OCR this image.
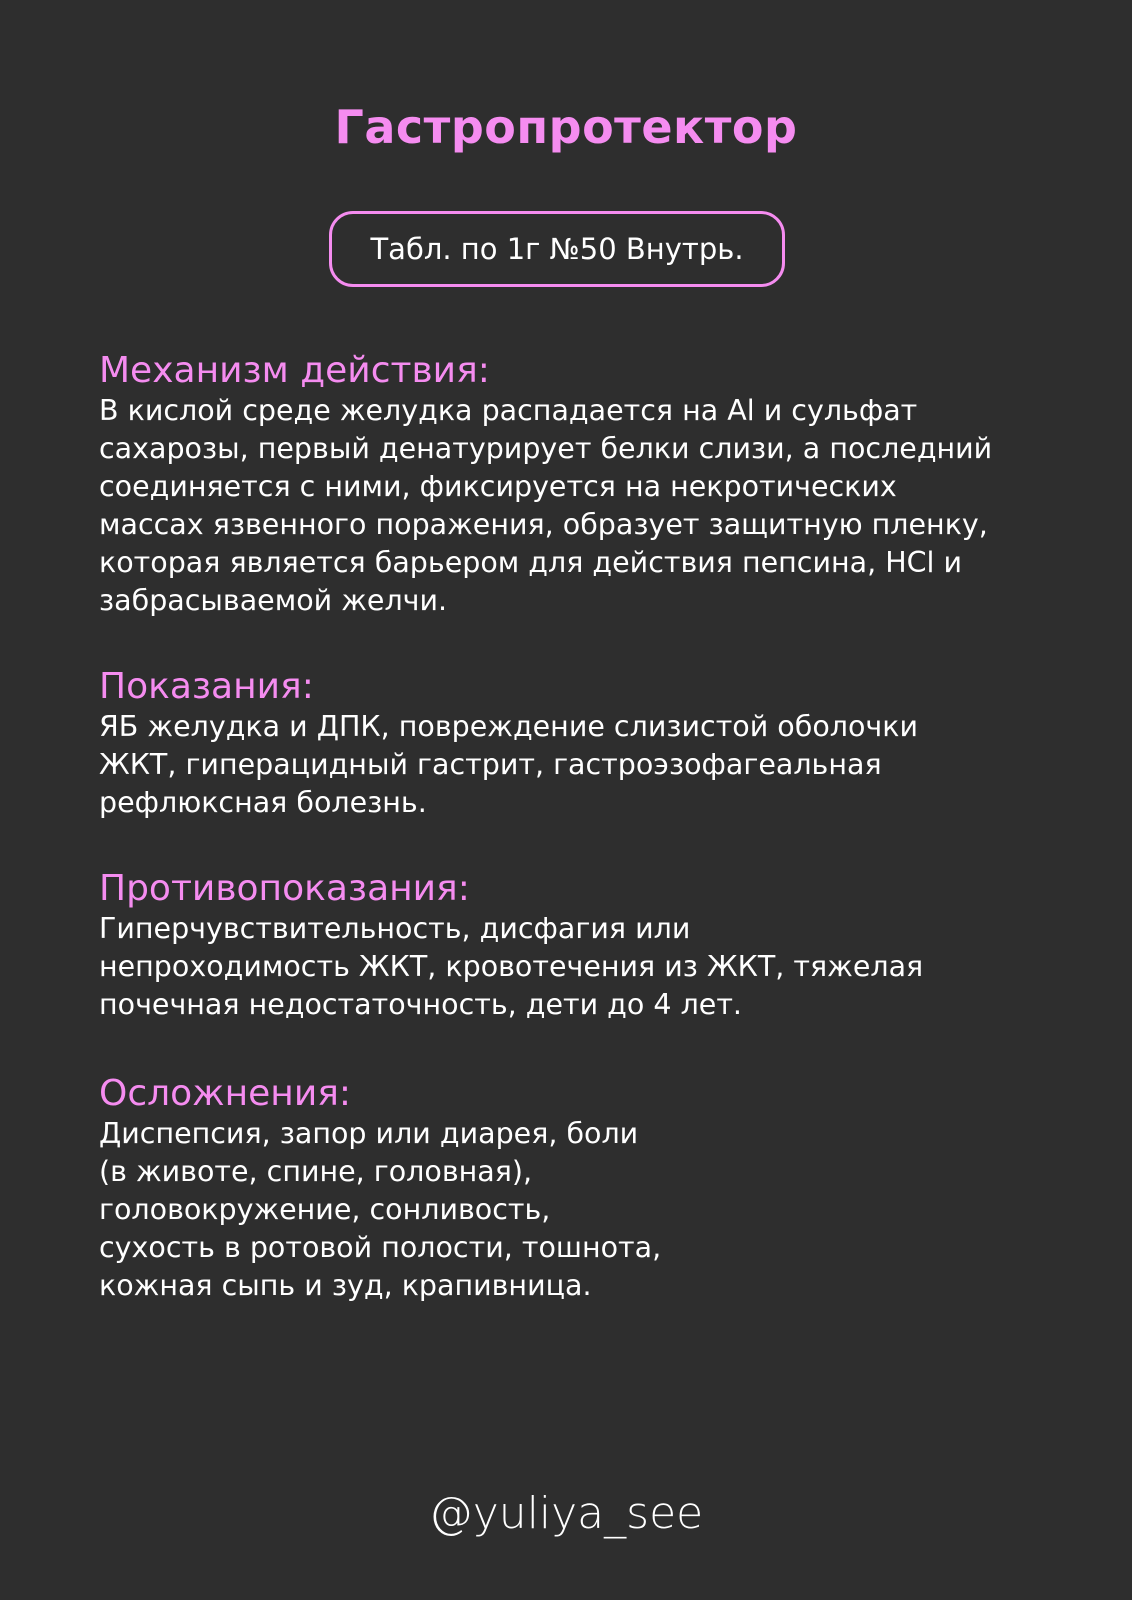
Гастропротектор
Табл. по 1г №50 Внутрь.
Механизм действия:
В кислой среде желудка распадается на Al и сульфат
сахарозы, первый денатурирует белки слизи, а последний
соединяется с ними, фиксируется на некротических
массах язвенного поражения, образует защитную пленку,
которая является барьером для действия пепсина, HCl и
забрасываемой желчи.
Показания:
ЯБ желудка и ДПК, повреждение слизистой оболочки
ЖКТ, гиперацидный гастрит, гастроэзофагеальная
рефлюксная болезнь.
Противопоказания:
Гиперчувствительность, дисфагия или
непроходимость ЖКТ, кровотечения из ЖКТ, тяжелая
почечная недостаточность, дети до 4 лет.
Осложнения:
Диспепсия, запор или диарея, боли
(в животе, спине, головная),
головокружение, сонливость,
сухость в ротовой полости, тошнота,
кожная сыпь и зуд, крапивница.
@yuliya_see
